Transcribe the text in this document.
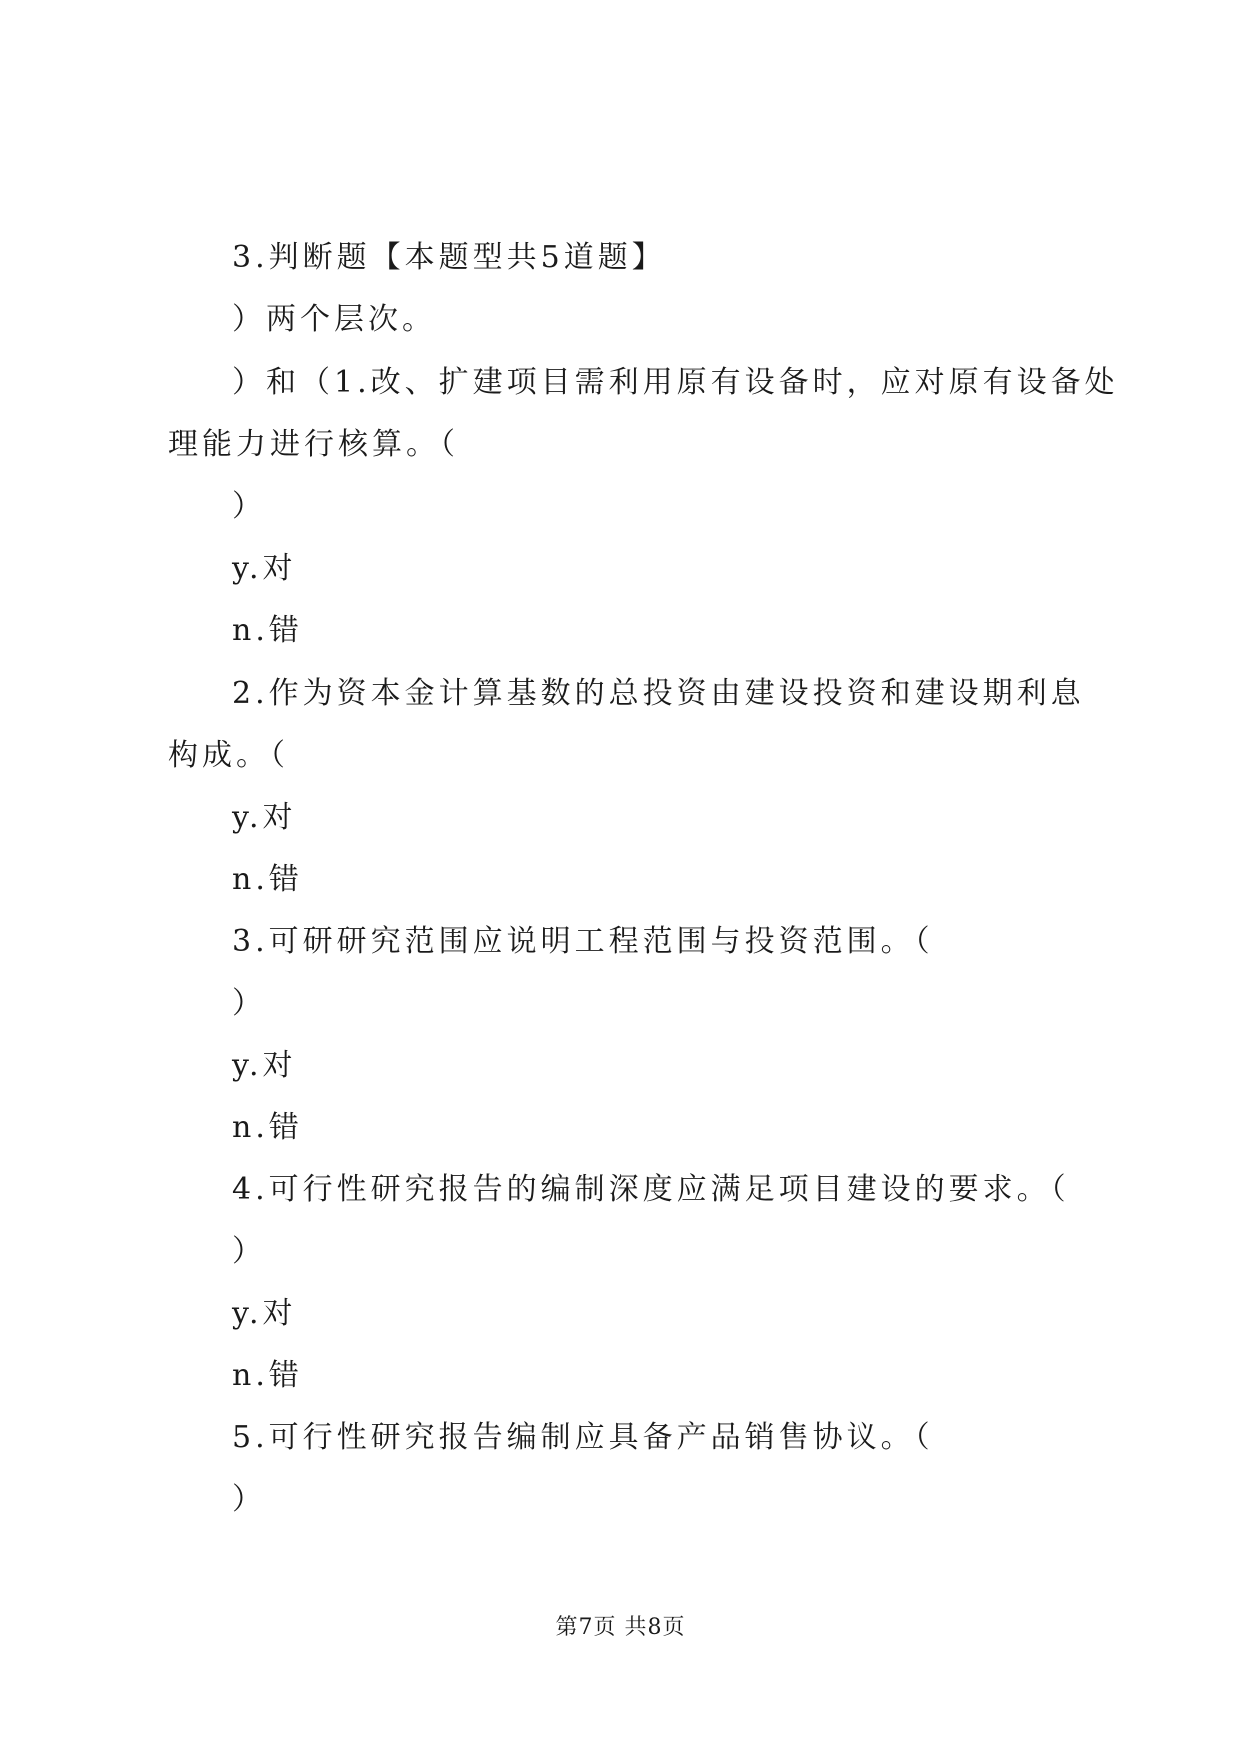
3.判断题【本题型共5道题】
）两个层次。
）和（1.改、扩建项目需利用原有设备时，应对原有设备处
理能力进行核算。（
）
y.对
n.错
2.作为资本金计算基数的总投资由建设投资和建设期利息
构成。（
y.对
n.错
3.可研研究范围应说明工程范围与投资范围。（
）
y.对
n.错
4.可行性研究报告的编制深度应满足项目建设的要求。（
）
y.对
n.错
5.可行性研究报告编制应具备产品销售协议。（
）
第7页 共8页
